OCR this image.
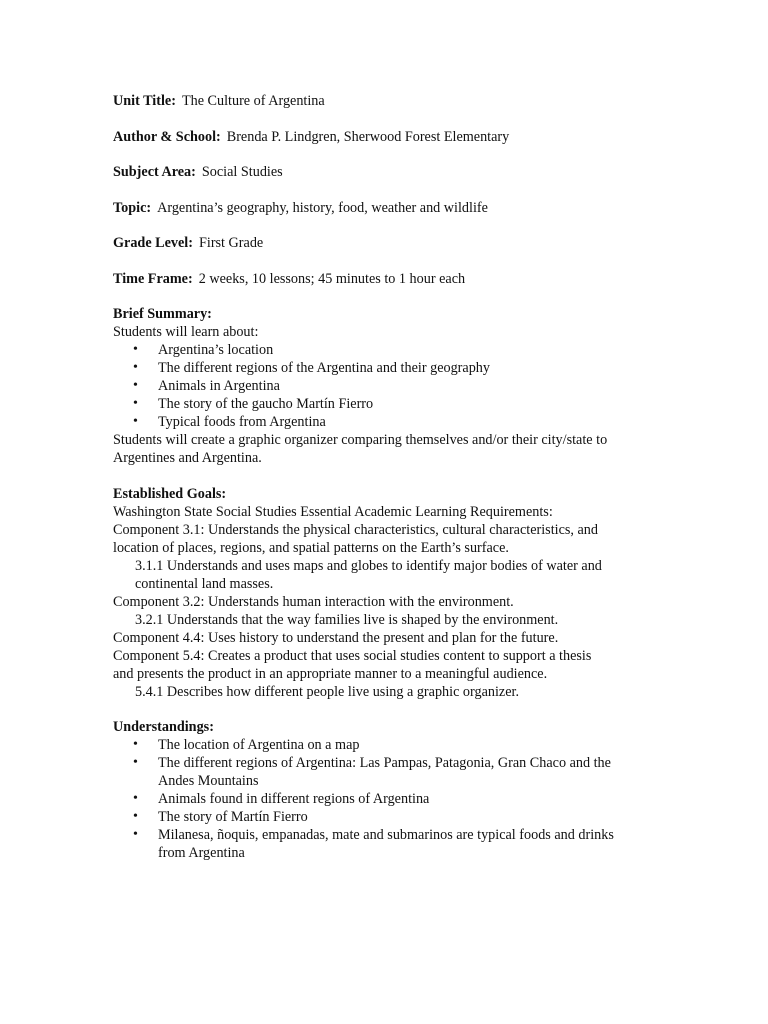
Unit Title: The Culture of Argentina

Author & School: Brenda P. Lindgren, Sherwood Forest Elementary

Subject Area: Social Studies

Topic: Argentina’s geography, history, food, weather and wildlife

Grade Level: First Grade

Time Frame: 2 weeks, 10 lessons; 45 minutes to 1 hour each

Brief Summary:

Students will learn about:

• Argentina’s location
• The different regions of the Argentina and their geography
• Animals in Argentina
• The story of the gaucho Martín Fierro
• Typical foods from Argentina

Students will create a graphic organizer comparing themselves and/or their city/state to

Argentines and Argentina.

Established Goals:

Washington State Social Studies Essential Academic Learning Requirements:

Component 3.1: Understands the physical characteristics, cultural characteristics, and

location of places, regions, and spatial patterns on the Earth’s surface.

3.1.1 Understands and uses maps and globes to identify major bodies of water and

continental land masses.

Component 3.2: Understands human interaction with the environment.

3.2.1 Understands that the way families live is shaped by the environment.

Component 4.4: Uses history to understand the present and plan for the future.

Component 5.4: Creates a product that uses social studies content to support a thesis

and presents the product in an appropriate manner to a meaningful audience.

5.4.1 Describes how different people live using a graphic organizer.

Understandings:

• The location of Argentina on a map
• The different regions of Argentina: Las Pampas, Patagonia, Gran Chaco and the
Andes Mountains
• Animals found in different regions of Argentina
• The story of Martín Fierro
• Milanesa, ñoquis, empanadas, mate and submarinos are typical foods and drinks
from Argentina
